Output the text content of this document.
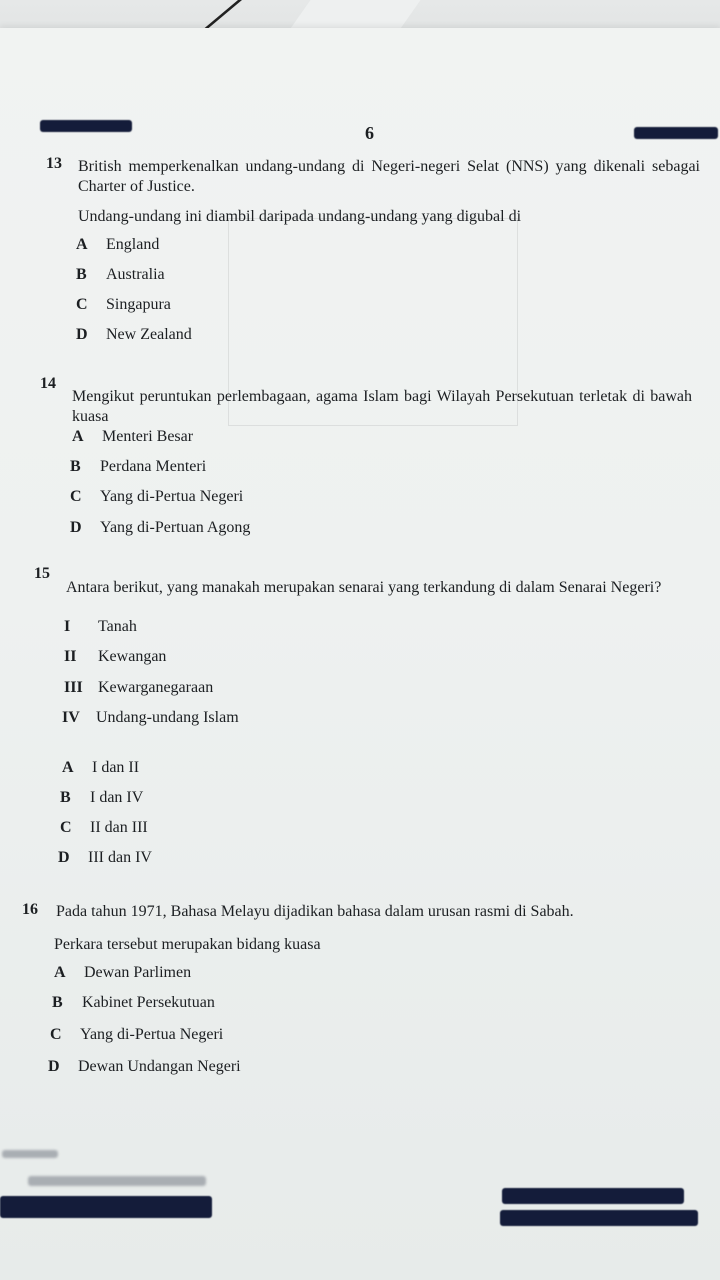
6
13 British memperkenalkan undang-undang di Negeri-negeri Selat (NNS) yang dikenali sebagai Charter of Justice.
Undang-undang ini diambil daripada undang-undang yang digubal di
A England
B Australia
C Singapura
D New Zealand
14
Mengikut peruntukan perlembagaan, agama Islam bagi Wilayah Persekutuan terletak di bawah kuasa
A Menteri Besar
B Perdana Menteri
C Yang di-Pertua Negeri
D Yang di-Pertuan Agong
15
Antara berikut, yang manakah merupakan senarai yang terkandung di dalam Senarai Negeri?
I Tanah
II Kewangan
III Kewarganegaraan
IV Undang-undang Islam
A I dan II
B I dan IV
C II dan III
D III dan IV
16 Pada tahun 1971, Bahasa Melayu dijadikan bahasa dalam urusan rasmi di Sabah.
Perkara tersebut merupakan bidang kuasa
A Dewan Parlimen
B Kabinet Persekutuan
C Yang di-Pertua Negeri
D Dewan Undangan Negeri
